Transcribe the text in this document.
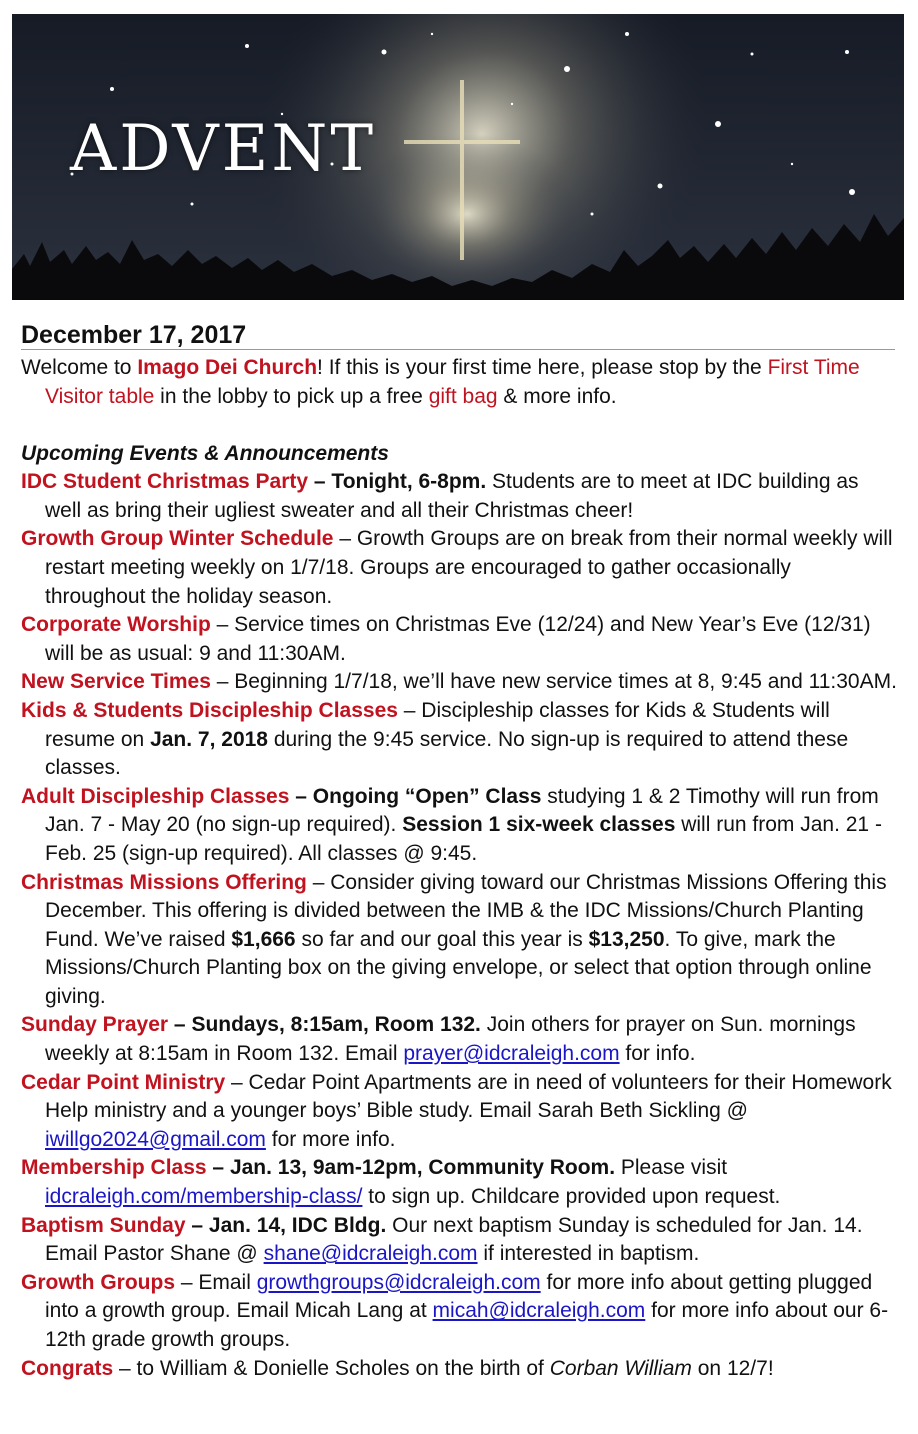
ADVENT
December 17, 2017

Welcome to Imago Dei Church! If this is your first time here, please stop by the First Time Visitor table in the lobby to pick up a free gift bag & more info.

Upcoming Events & Announcements

IDC Student Christmas Party – Tonight, 6-8pm. Students are to meet at IDC building as well as bring their ugliest sweater and all their Christmas cheer!

Growth Group Winter Schedule – Growth Groups are on break from their normal weekly will restart meeting weekly on 1/7/18. Groups are encouraged to gather occasionally throughout the holiday season.

Corporate Worship – Service times on Christmas Eve (12/24) and New Year’s Eve (12/31) will be as usual: 9 and 11:30AM.

New Service Times – Beginning 1/7/18, we’ll have new service times at 8, 9:45 and 11:30AM.

Kids & Students Discipleship Classes – Discipleship classes for Kids & Students will resume on Jan. 7, 2018 during the 9:45 service. No sign-up is required to attend these classes.

Adult Discipleship Classes – Ongoing “Open” Class studying 1 & 2 Timothy will run from Jan. 7 - May 20 (no sign-up required). Session 1 six-week classes will run from Jan. 21 - Feb. 25 (sign-up required). All classes @ 9:45.

Christmas Missions Offering – Consider giving toward our Christmas Missions Offering this December. This offering is divided between the IMB & the IDC Missions/Church Planting Fund. We’ve raised $1,666 so far and our goal this year is $13,250. To give, mark the Missions/Church Planting box on the giving envelope, or select that option through online giving.

Sunday Prayer – Sundays, 8:15am, Room 132. Join others for prayer on Sun. mornings weekly at 8:15am in Room 132. Email prayer@idcraleigh.com for info.

Cedar Point Ministry – Cedar Point Apartments are in need of volunteers for their Homework Help ministry and a younger boys’ Bible study. Email Sarah Beth Sickling @ iwillgo2024@gmail.com for more info.

Membership Class – Jan. 13, 9am-12pm, Community Room. Please visit idcraleigh.com/membership-class/ to sign up. Childcare provided upon request.

Baptism Sunday – Jan. 14, IDC Bldg. Our next baptism Sunday is scheduled for Jan. 14. Email Pastor Shane @ shane@idcraleigh.com if interested in baptism.

Growth Groups – Email growthgroups@idcraleigh.com for more info about getting plugged into a growth group. Email Micah Lang at micah@idcraleigh.com for more info about our 6-12th grade growth groups.

Congrats – to William & Donielle Scholes on the birth of Corban William on 12/7!
